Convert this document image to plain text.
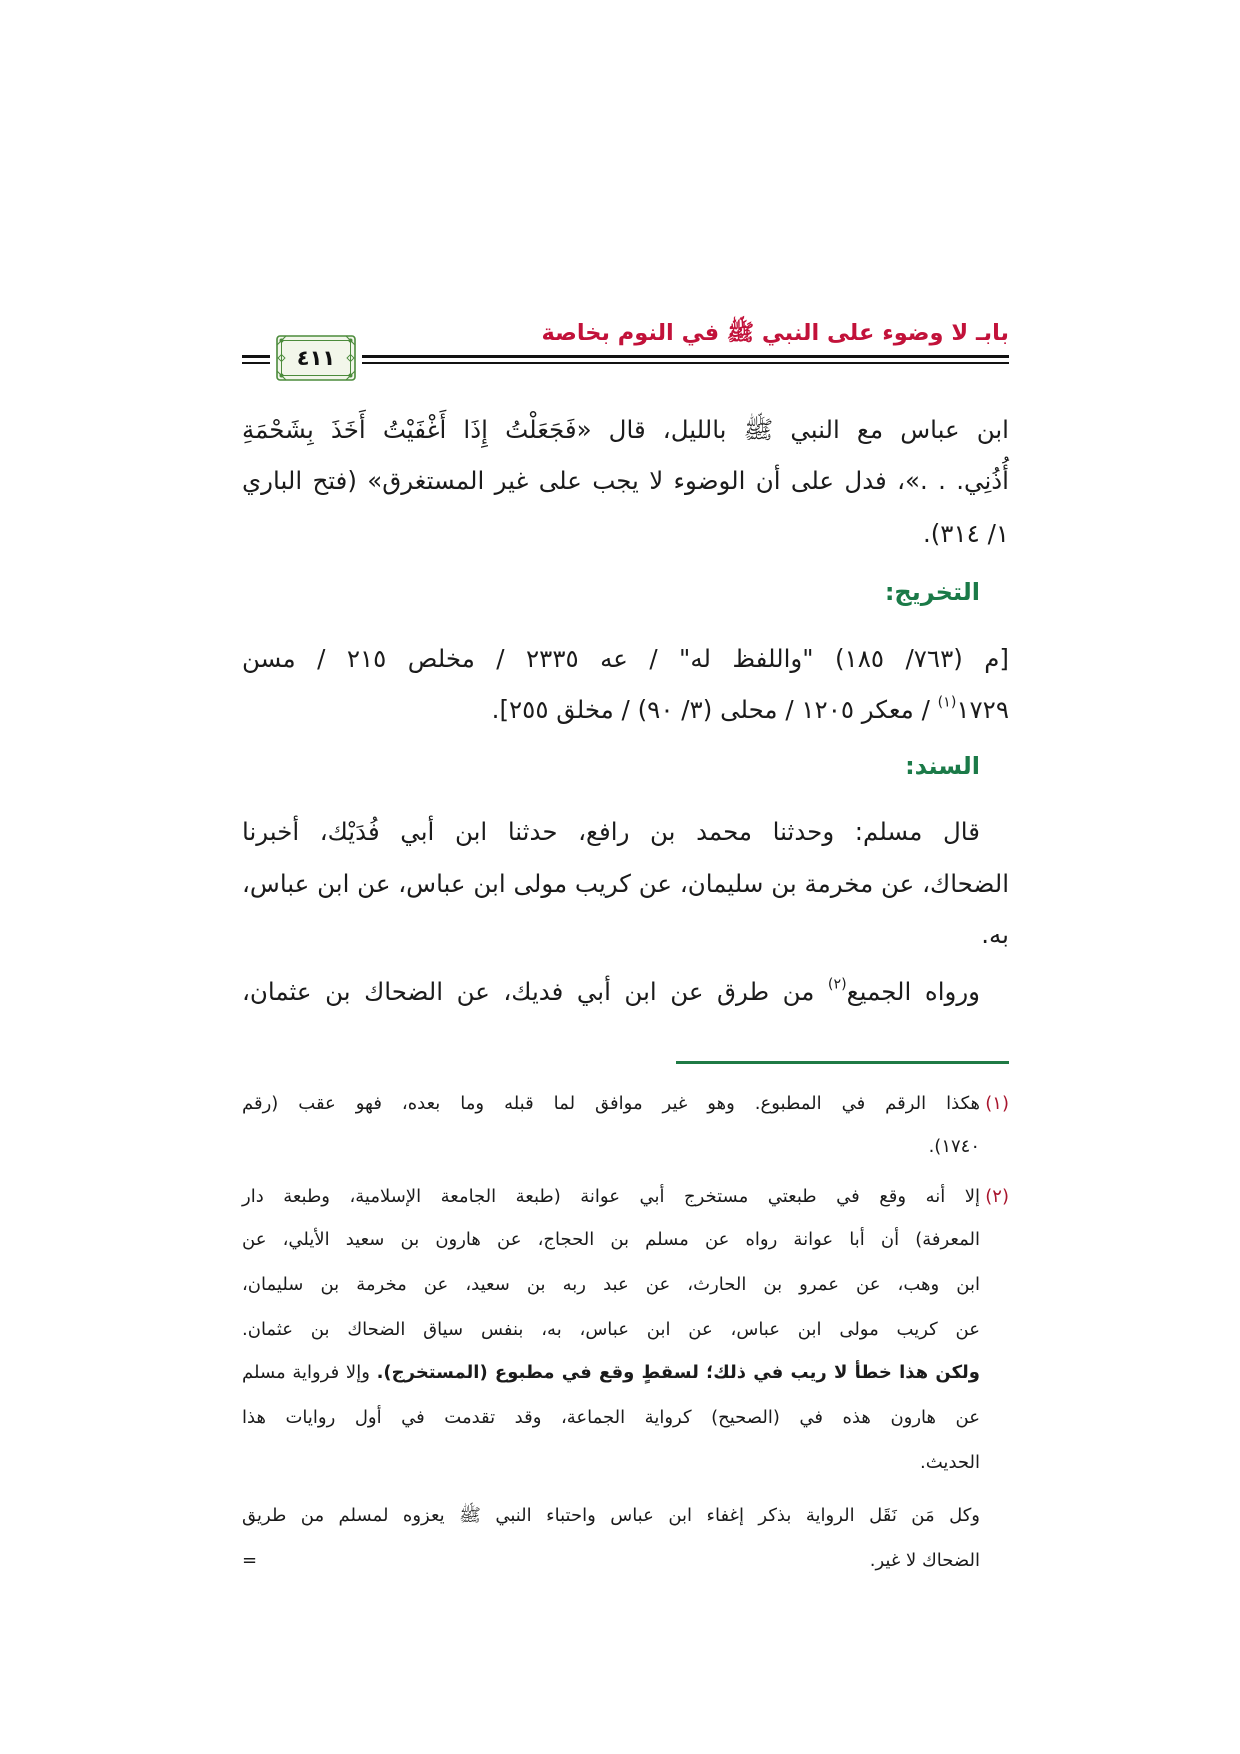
بابـ لا وضوء على النبي ﷺ في النوم بخاصة
٤١١
ابن عباس مع النبي ﷺ بالليل، قال «فَجَعَلْتُ إِذَا أَغْفَيْتُ أَخَذَ بِشَحْمَةِ
أُذُنِي. . .»، فدل على أن الوضوء لا يجب على غير المستغرق» (فتح الباري
١/ ٣١٤).
التخريج:
[م (٧٦٣/ ١٨٥) "واللفظ له" / عه ٢٣٣٥ / مخلص ٢١٥ / مسن
١٧٢٩$^{(١)}$ / معكر ١٢٠٥ / محلى (٣/ ٩٠) / مخلق ٢٥٥].
السند:
قال مسلم: وحدثنا محمد بن رافع، حدثنا ابن أبي فُدَيْك، أخبرنا
الضحاك، عن مخرمة بن سليمان، عن كريب مولى ابن عباس، عن ابن عباس،
به.
ورواه الجميع$^{(٢)}$ من طرق عن ابن أبي فديك، عن الضحاك بن عثمان،
(١)
هكذا الرقم في المطبوع. وهو غير موافق لما قبله وما بعده، فهو عقب (رقم
١٧٤٠).
(٢)
إلا أنه وقع في طبعتي مستخرج أبي عوانة (طبعة الجامعة الإسلامية، وطبعة دار
المعرفة) أن أبا عوانة رواه عن مسلم بن الحجاج، عن هارون بن سعيد الأيلي، عن
ابن وهب، عن عمرو بن الحارث، عن عبد ربه بن سعيد، عن مخرمة بن سليمان،
عن كريب مولى ابن عباس، عن ابن عباس، به، بنفس سياق الضحاك بن عثمان.
ولكن هذا خطأ لا ريب في ذلك؛ لسقطٍ وقع في مطبوع (المستخرج). وإلا فرواية مسلم
عن هارون هذه في (الصحيح) كرواية الجماعة، وقد تقدمت في أول روايات هذا
الحديث.
وكل مَن نَقَل الرواية بذكر إغفاء ابن عباس واحتباء النبي ﷺ يعزوه لمسلم من طريق
الضحاك لا غير.
=
